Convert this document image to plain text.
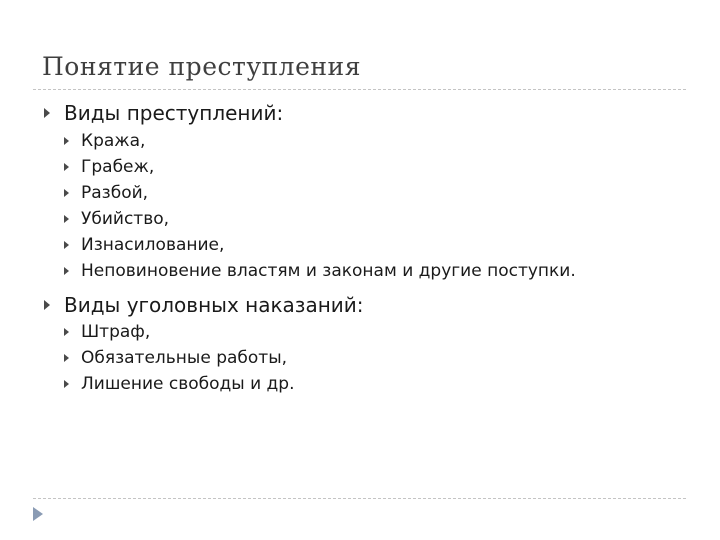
Понятие преступления
Виды преступлений:
Кража,
Грабеж,
Разбой,
Убийство,
Изнасилование,
Неповиновение властям и законам и другие поступки.
Виды уголовных наказаний:
Штраф,
Обязательные работы,
Лишение свободы и др.
